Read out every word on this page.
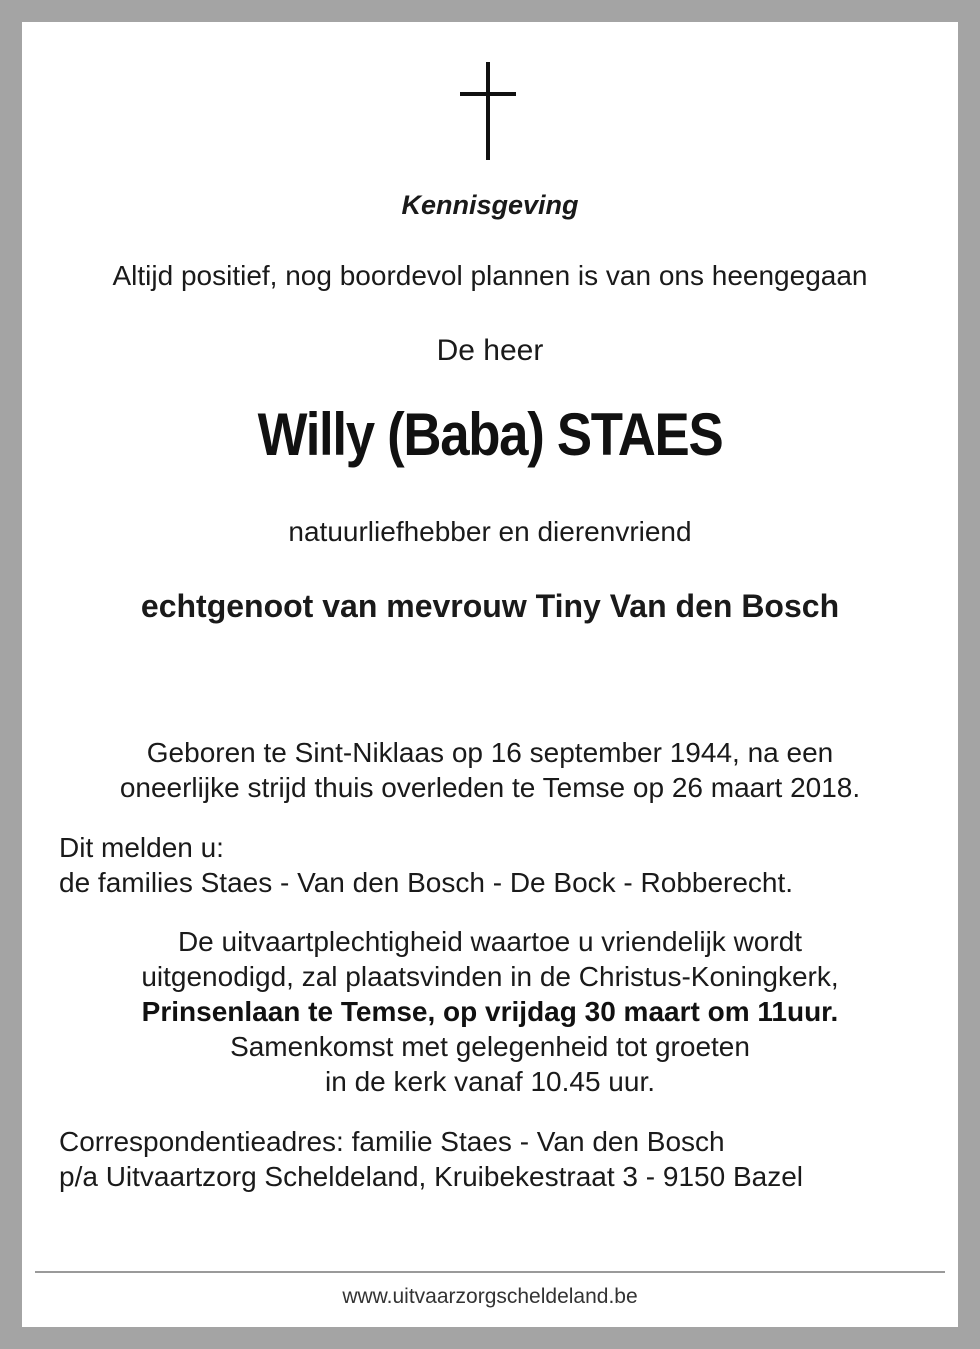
Kennisgeving
Altijd positief, nog boordevol plannen is van ons heengegaan
De heer
Willy (Baba) STAES
natuurliefhebber en dierenvriend
echtgenoot van mevrouw Tiny Van den Bosch
Geboren te Sint-Niklaas op 16 september 1944, na een
oneerlijke strijd thuis overleden te Temse op 26 maart 2018.
Dit melden u:
de families Staes - Van den Bosch - De Bock - Robberecht.
De uitvaartplechtigheid waartoe u vriendelijk wordt
uitgenodigd, zal plaatsvinden in de Christus-Koningkerk,
Prinsenlaan te Temse, op vrijdag 30 maart om 11uur.
Samenkomst met gelegenheid tot groeten
in de kerk vanaf 10.45 uur.
Correspondentieadres: familie Staes - Van den Bosch
p/a Uitvaartzorg Scheldeland, Kruibekestraat 3 - 9150 Bazel
www.uitvaarzorgscheldeland.be
